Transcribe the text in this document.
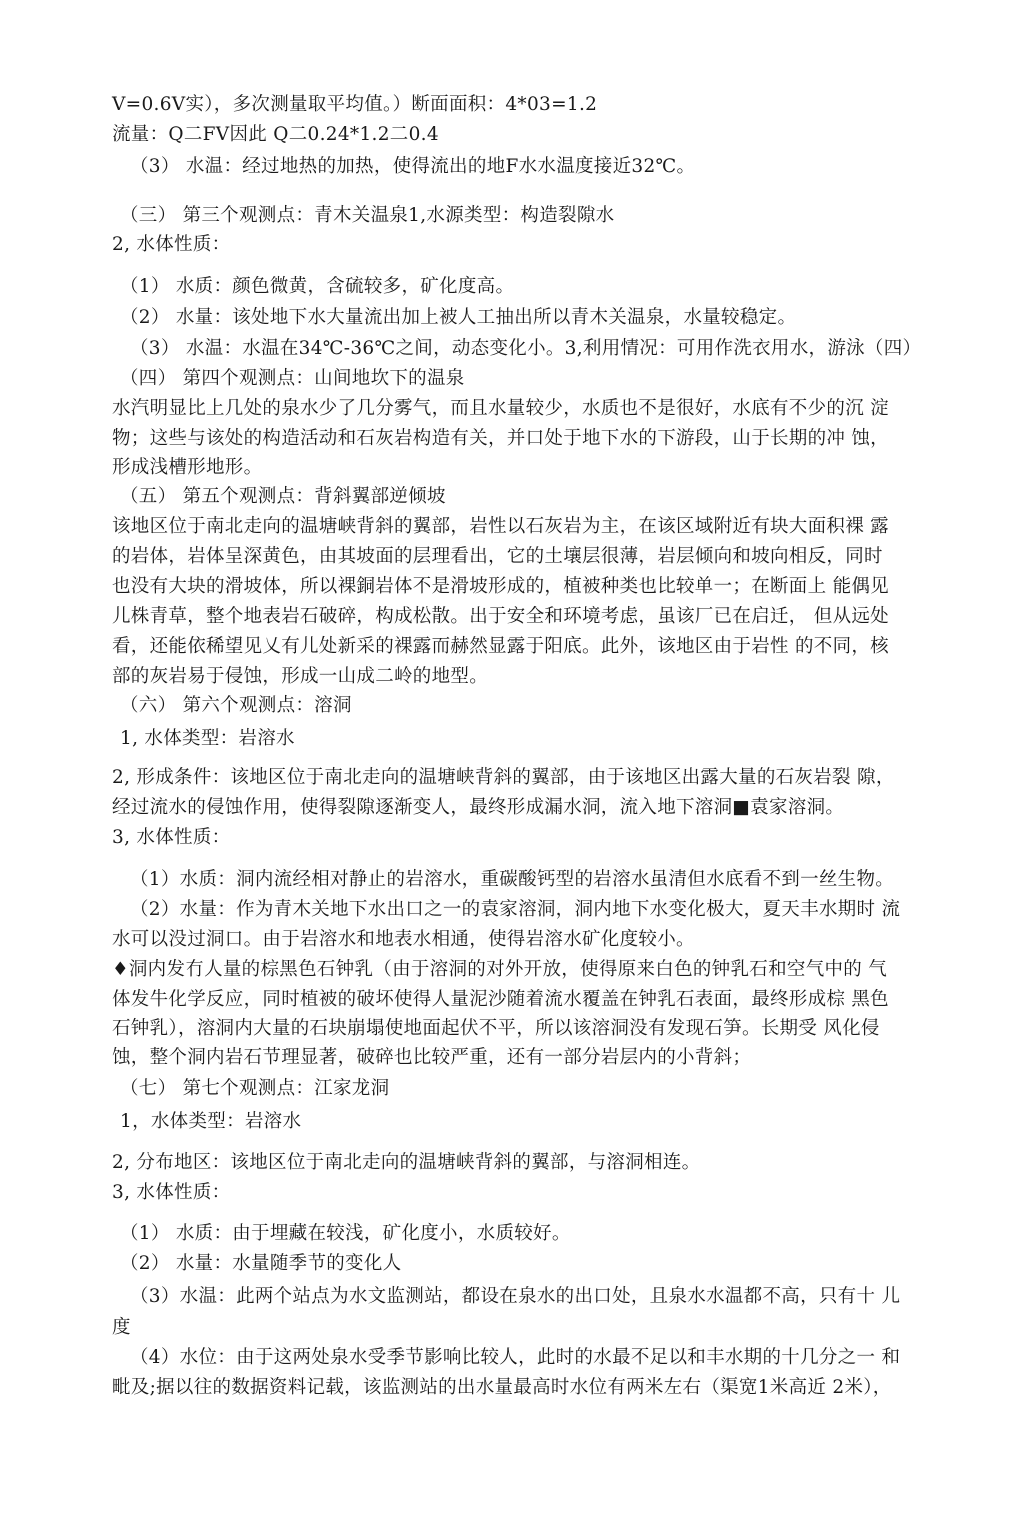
V=0.6V实），多次测量取平均值。）断面面积：4*03=1.2
流量：Q二FV因此 Q二0.24*1.2二0.4
（3） 水温：经过地热的加热，使得流出的地F水水温度接近32℃。
（三） 第三个观测点：青木关温泉1,水源类型：构造裂隙水
2, 水体性质：
（1） 水质：颜色微黄，含硫较多，矿化度高。
（2） 水量：该处地下水大量流出加上被人工抽出所以青木关温泉，水量较稳定。
（3） 水温：水温在34℃-36℃之间，动态变化小。3,利用情况：可用作洗衣用水，游泳（四）
（四） 第四个观测点：山间地坎下的温泉
水汽明显比上几处的泉水少了几分雾气，而且水量较少，水质也不是很好，水底有不少的沉 淀
物；这些与该处的构造活动和石灰岩构造有关，并口处于地下水的下游段，山于长期的冲 蚀，
形成浅槽形地形。
（五） 第五个观测点：背斜翼部逆倾坡
该地区位于南北走向的温塘峡背斜的翼部，岩性以石灰岩为主，在该区域附近有块大面积裸 露
的岩体，岩体呈深黄色，由其坡面的层理看出，它的土壤层很薄，岩层倾向和坡向相反，同时
也没有大块的滑坡体，所以裸銅岩体不是滑坡形成的，植被种类也比较单一；在断面上 能偶见
儿株青草，整个地表岩石破碎，构成松散。出于安全和环境考虑，虽该厂已在启迁， 但从远处
看，还能依稀望见乂有儿处新采的裸露而赫然显露于阳底。此外，该地区由于岩性 的不同，核
部的灰岩易于侵蚀，形成一山成二岭的地型。
（六） 第六个观测点：溶洞
1, 水体类型：岩溶水
2, 形成条件：该地区位于南北走向的温塘峡背斜的翼部，由于该地区出露大量的石灰岩裂 隙，
经过流水的侵蚀作用，使得裂隙逐渐变人，最终形成漏水洞，流入地下溶洞■袁家溶洞。
3, 水体性质：
（1）水质：洞内流经相对静止的岩溶水，重碳酸钙型的岩溶水虽清但水底看不到一丝生物。
（2）水量：作为青木关地下水出口之一的袁家溶洞，洞内地下水变化极大，夏天丰水期时 流
水可以没过洞口。由于岩溶水和地表水相通，使得岩溶水矿化度较小。
♦洞内发冇人量的棕黑色石钟乳（由于溶洞的对外开放，使得原来白色的钟乳石和空气中的 气
体发牛化学反应，同时植被的破坏使得人量泥沙随着流水覆盖在钟乳石表面，最终形成棕 黑色
石钟乳），溶洞内大量的石块崩塌使地面起伏不平，所以该溶洞没有发现石笋。长期受 风化侵
蚀，整个洞内岩石节理显著，破碎也比较严重，还有一部分岩层内的小背斜；
（七） 第七个观测点：江家龙洞
1，水体类型：岩溶水
2, 分布地区：该地区位于南北走向的温塘峡背斜的翼部，与溶洞相连。
3, 水体性质：
（1） 水质：由于埋藏在较浅，矿化度小，水质较好。
（2） 水量：水量随季节的变化人
（3）水温：此两个站点为水文监测站，都设在泉水的出口处，且泉水水温都不高，只有十 儿
度
（4）水位：由于这两处泉水受季节影响比较人，此时的水最不足以和丰水期的十几分之一 和
毗及;据以往的数据资料记载，该监测站的出水量最高时水位有两米左右（渠宽1米高近 2米），
